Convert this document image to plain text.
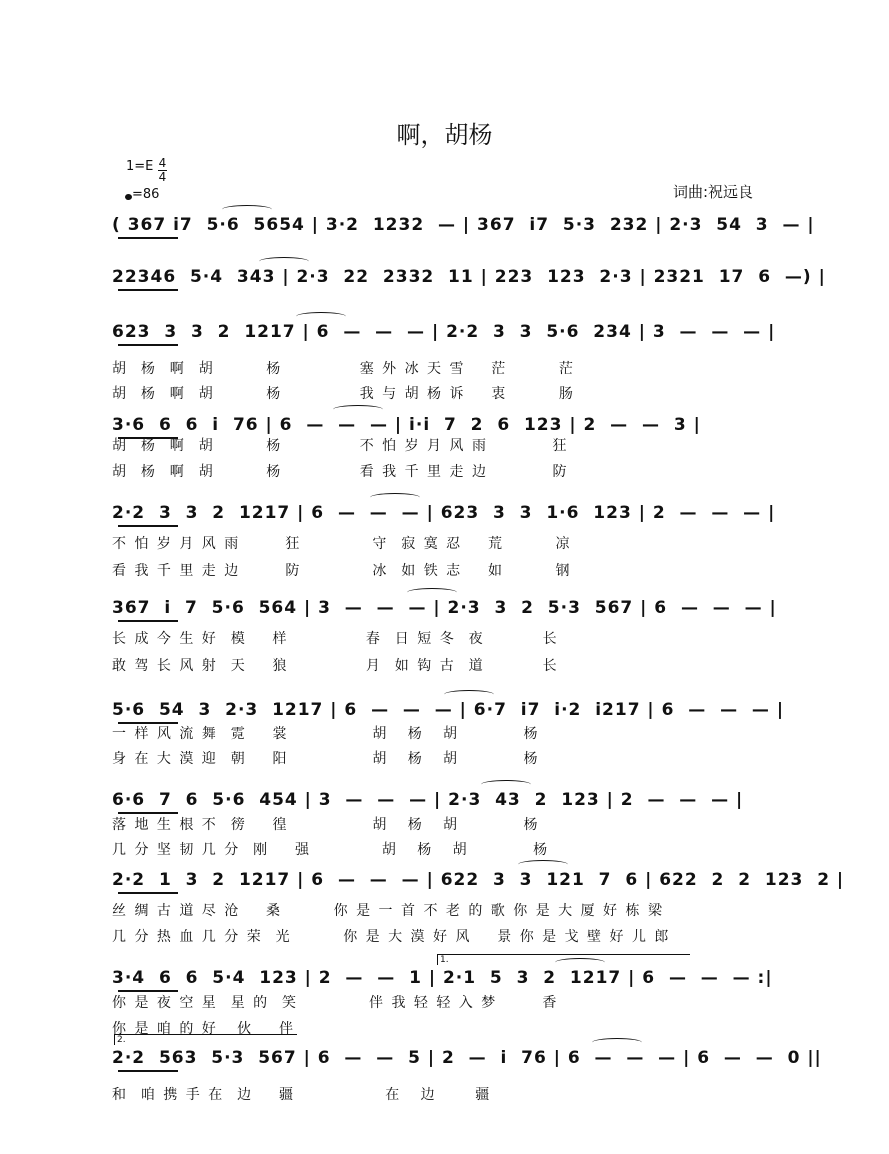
啊，胡杨
1=E 4
4
=86	词曲:祝远良
( 367 i7  5·6  5654 | 3·2  1232  — | 367  i7  5·3  232 | 2·3  54  3  — |
22346  5·4  343 | 2·3  22  2332  11 | 223  123  2·3 | 2321  17  6  —) |
623  3  3  2  1217 | 6  —  —  — | 2·2  3  3  5·6  234 | 3  —  —  — |
胡  杨  啊  胡        杨            塞 外 冰 天 雪    茫        茫
胡  杨  啊  胡        杨            我 与 胡 杨 诉    衷        肠
3·6  6  6  i  76 | 6  —  —  — | i·i  7  2  6  123 | 2  —  —  3 |
胡  杨  啊  胡        杨            不 怕 岁 月 风 雨          狂
胡  杨  啊  胡        杨            看 我 千 里 走 边          防
2·2  3  3  2  1217 | 6  —  —  — | 623  3  3  1·6  123 | 2  —  —  — |
不 怕 岁 月 风 雨       狂           守  寂 寞 忍    荒        凉
看 我 千 里 走 边       防           冰  如 铁 志    如        钢
367  i  7  5·6  564 | 3  —  —  — | 2·3  3  2  5·3  567 | 6  —  —  — |
长 成 今 生 好  模    样            春  日 短 冬  夜         长
敢 驾 长 风 射  天    狼            月  如 钩 古  道         长
5·6  54  3  2·3  1217 | 6  —  —  — | 6·7  i7  i·2  i217 | 6  —  —  — |
一 样 风 流 舞  霓    裳             胡   杨   胡          杨
身 在 大 漠 迎  朝    阳             胡   杨   胡          杨
6·6  7  6  5·6  454 | 3  —  —  — | 2·3  43  2  123 | 2  —  —  — |
落 地 生 根 不  徬    徨             胡   杨   胡          杨
几 分 坚 韧 几 分  刚    强           胡   杨   胡          杨
2·2  1  3  2  1217 | 6  —  —  — | 622  3  3  121  7  6 | 622  2  2  123  2 |
丝 绸 古 道 尽 沧    桑        你 是 一 首 不 老 的 歌 你 是 大 厦 好 栋 梁
几 分 热 血 几 分 荣  光        你 是 大 漠 好 风    景 你 是 戈 壁 好 儿 郎
3·4  6  6  5·4  123 | 2  —  —  1 | 2·1  5  3  2  1217 | 6  —  —  — :|
你 是 夜 空 星  星 的  笑           伴 我 轻 轻 入 梦       香
你 是 咱 的 好   伙    伴
1.
2·2  563  5·3  567 | 6  —  —  5 | 2  —  i  76 | 6  —  —  — | 6  —  —  0 ||
和  咱 携 手 在  边    疆              在   边      疆
2.
